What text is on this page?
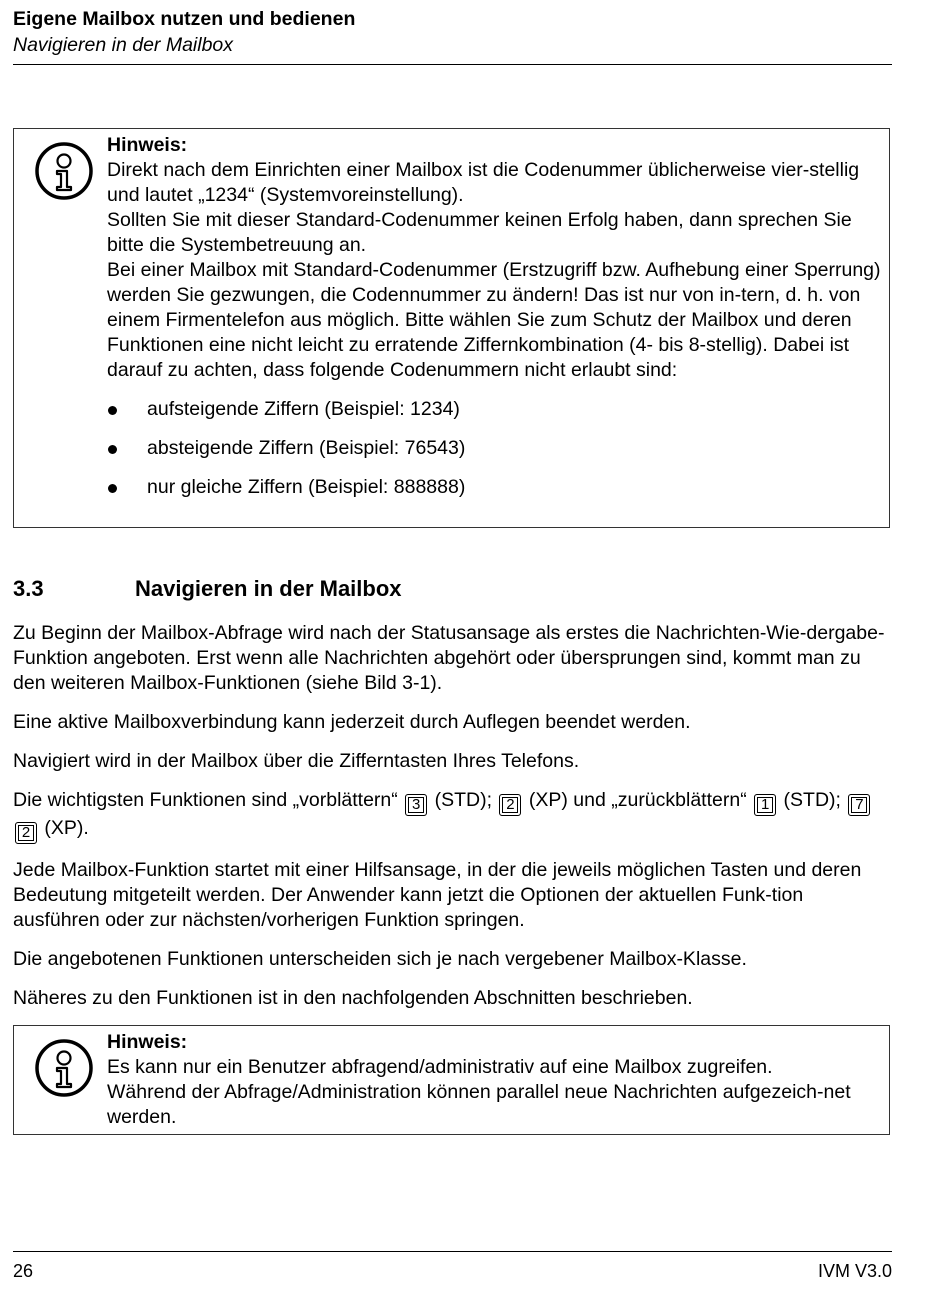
Eigene Mailbox nutzen und bedienen
Navigieren in der Mailbox
Hinweis:

Direkt nach dem Einrichten einer Mailbox ist die Codenummer üblicherweise vier-stellig und lautet „1234“ (Systemvoreinstellung).

Sollten Sie mit dieser Standard-Codenummer keinen Erfolg haben, dann sprechen Sie bitte die Systembetreuung an.

Bei einer Mailbox mit Standard-Codenummer (Erstzugriff bzw. Aufhebung einer Sperrung) werden Sie gezwungen, die Codennummer zu ändern! Das ist nur von in-tern, d. h. von einem Firmentelefon aus möglich. Bitte wählen Sie zum Schutz der Mailbox und deren Funktionen eine nicht leicht zu erratende Ziffernkombination (4- bis 8-stellig). Dabei ist darauf zu achten, dass folgende Codenummern nicht erlaubt sind:

aufsteigende Ziffern (Beispiel: 1234)
absteigende Ziffern (Beispiel: 76543)
nur gleiche Ziffern (Beispiel: 888888)
3.3	Navigieren in der Mailbox

Zu Beginn der Mailbox-Abfrage wird nach der Statusansage als erstes die Nachrichten-Wie-dergabe-Funktion angeboten. Erst wenn alle Nachrichten abgehört oder übersprungen sind, kommt man zu den weiteren Mailbox-Funktionen (siehe Bild 3-1).

Eine aktive Mailboxverbindung kann jederzeit durch Auflegen beendet werden.

Navigiert wird in der Mailbox über die Zifferntasten Ihres Telefons.

Die wichtigsten Funktionen sind „vorblättern“ 3 (STD); 2 (XP) und „zurückblättern“ 1 (STD); 7 2 (XP).

Jede Mailbox-Funktion startet mit einer Hilfsansage, in der die jeweils möglichen Tasten und deren Bedeutung mitgeteilt werden. Der Anwender kann jetzt die Optionen der aktuellen Funk-tion ausführen oder zur nächsten/vorherigen Funktion springen.

Die angebotenen Funktionen unterscheiden sich je nach vergebener Mailbox-Klasse.

Näheres zu den Funktionen ist in den nachfolgenden Abschnitten beschrieben.

Hinweis:

Es kann nur ein Benutzer abfragend/administrativ auf eine Mailbox zugreifen.

Während der Abfrage/Administration können parallel neue Nachrichten aufgezeich-net werden.

26	IVM V3.0
